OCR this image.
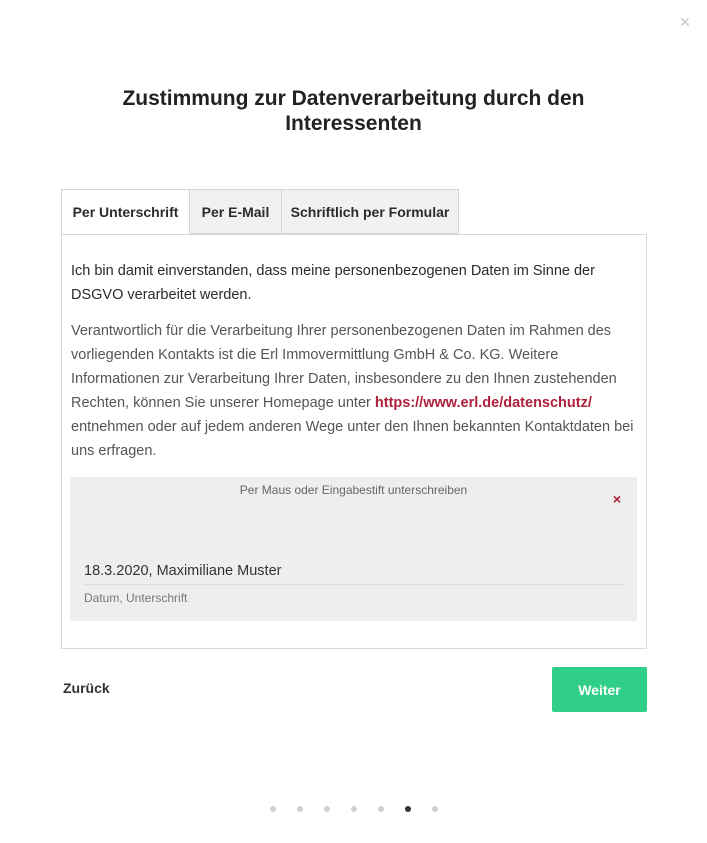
×
Zustimmung zur Datenverarbeitung durch den Interessenten
Per Unterschrift	Per E-Mail	Schriftlich per Formular

Ich bin damit einverstanden, dass meine personenbezogenen Daten im Sinne der DSGVO verarbeitet werden.

Verantwortlich für die Verarbeitung Ihrer personenbezogenen Daten im Rahmen des vorliegenden Kontakts ist die Erl Immovermittlung GmbH & Co. KG. Weitere Informationen zur Verarbeitung Ihrer Daten, insbesondere zu den Ihnen zustehenden Rechten, können Sie unserer Homepage unter https://www.erl.de/datenschutz/ entnehmen oder auf jedem anderen Wege unter den Ihnen bekannten Kontaktdaten bei uns erfragen.

Per Maus oder Eingabestift unterschreiben
×
18.3.2020, Maximiliane Muster
Datum, Unterschrift
Zurück	Weiter
